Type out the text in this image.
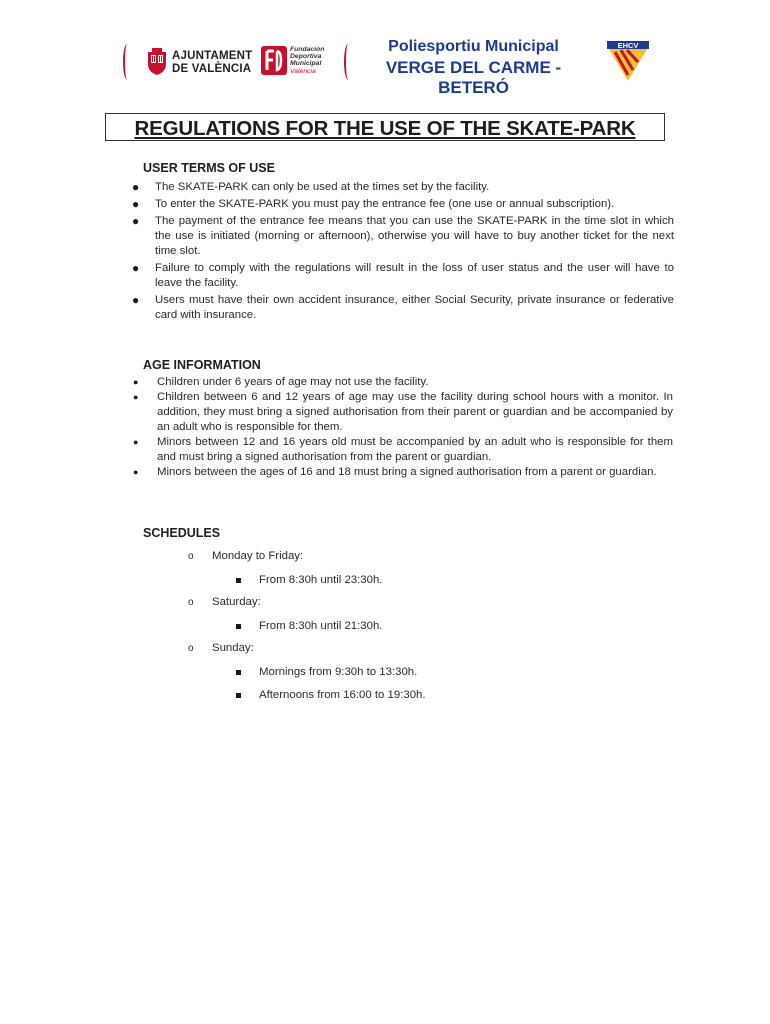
AJUNTAMENT
DE VALÈNCIA
Fundación
Deportiva
Municipal
Valencia
Poliesportiu Municipal
VERGE DEL CARME - BETERÓ
EHCV
REGULATIONS FOR THE USE OF THE SKATE-PARK
USER TERMS OF USE
● The SKATE-PARK can only be used at the times set by the facility.
● To enter the SKATE-PARK you must pay the entrance fee (one use or annual subscription).
● The payment of the entrance fee means that you can use the SKATE-PARK in the time slot in which the use is initiated (morning or afternoon), otherwise you will have to buy another ticket for the next time slot.
● Failure to comply with the regulations will result in the loss of user status and the user will have to leave the facility.
● Users must have their own accident insurance, either Social Security, private insurance or federative card with insurance.
AGE INFORMATION
● Children under 6 years of age may not use the facility.
● Children between 6 and 12 years of age may use the facility during school hours with a monitor. In addition, they must bring a signed authorisation from their parent or guardian and be accompanied by an adult who is responsible for them.
● Minors between 12 and 16 years old must be accompanied by an adult who is responsible for them and must bring a signed authorisation from the parent or guardian.
● Minors between the ages of 16 and 18 must bring a signed authorisation from a parent or guardian.
SCHEDULES
o Monday to Friday:
From 8:30h until 23:30h.
o Saturday:
From 8:30h until 21:30h.
o Sunday:
Mornings from 9:30h to 13:30h.
Afternoons from 16:00 to 19:30h.
